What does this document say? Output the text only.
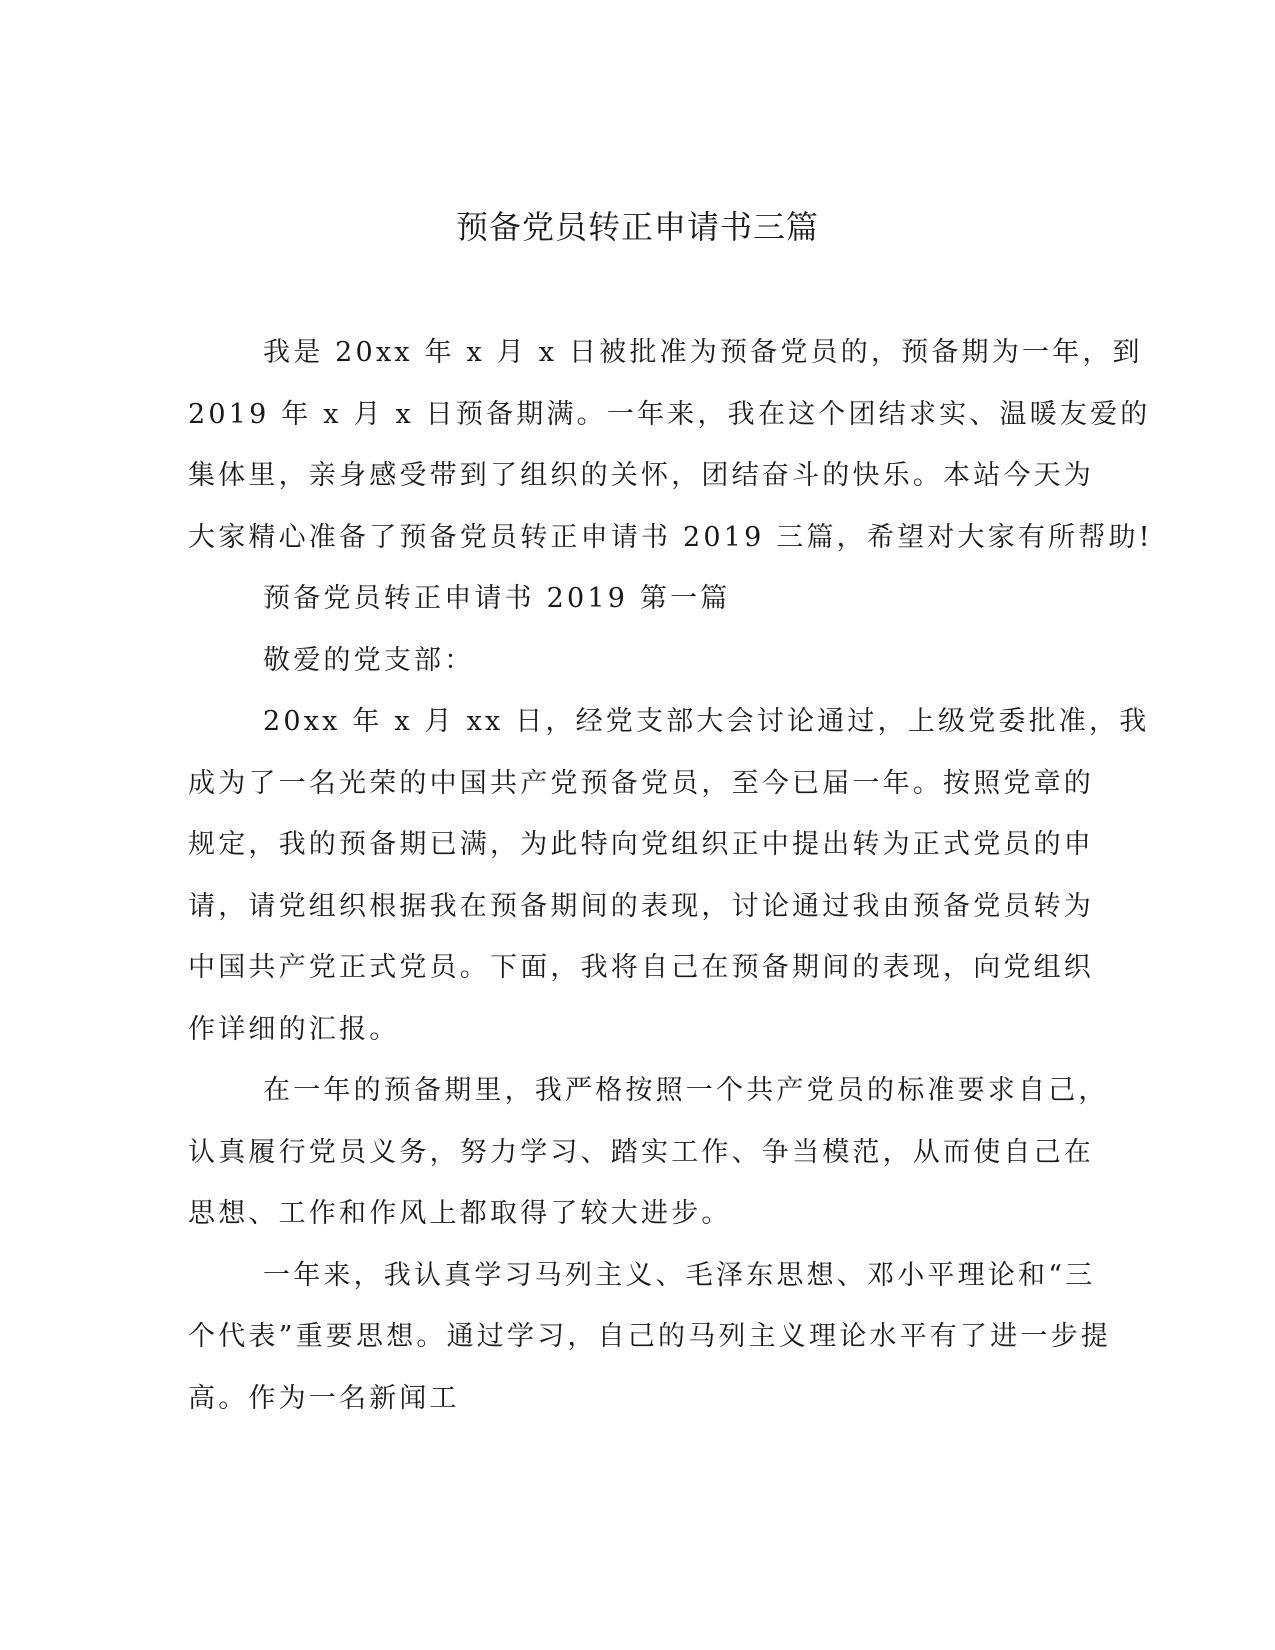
预备党员转正申请书三篇
我是 20xx 年 x 月 x 日被批准为预备党员的，预备期为一年，到
2019 年 x 月 x 日预备期满。一年来，我在这个团结求实、温暖友爱的
集体里，亲身感受带到了组织的关怀，团结奋斗的快乐。本站今天为
大家精心准备了预备党员转正申请书 2019 三篇，希望对大家有所帮助!
预备党员转正申请书 2019 第一篇
敬爱的党支部：
20xx 年 x 月 xx 日，经党支部大会讨论通过，上级党委批准，我
成为了一名光荣的中国共产党预备党员，至今已届一年。按照党章的
规定，我的预备期已满，为此特向党组织正中提出转为正式党员的申
请，请党组织根据我在预备期间的表现，讨论通过我由预备党员转为
中国共产党正式党员。下面，我将自己在预备期间的表现，向党组织
作详细的汇报。
在一年的预备期里，我严格按照一个共产党员的标准要求自己，
认真履行党员义务，努力学习、踏实工作、争当模范，从而使自己在
思想、工作和作风上都取得了较大进步。
一年来，我认真学习马列主义、毛泽东思想、邓小平理论和“三
个代表”重要思想。通过学习，自己的马列主义理论水平有了进一步提
高。作为一名新闻工
